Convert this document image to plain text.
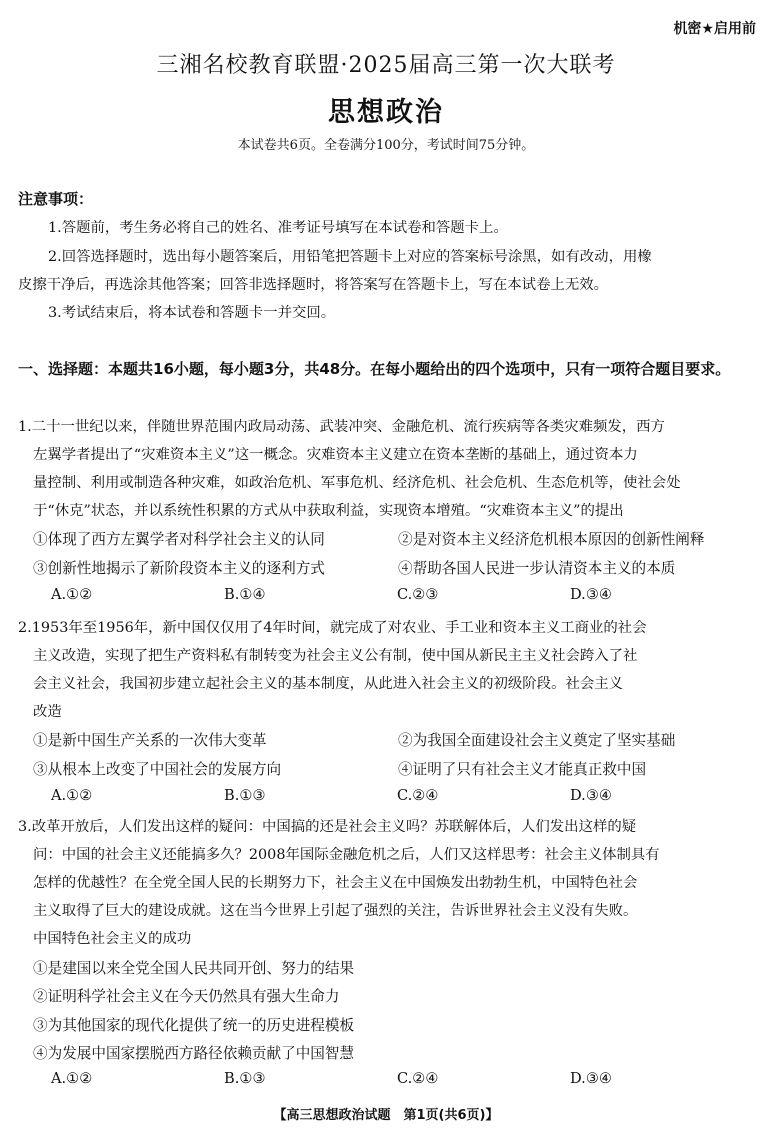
机密★启用前
三湘名校教育联盟·2025届高三第一次大联考
思想政治
本试卷共6页。全卷满分100分，考试时间75分钟。
注意事项：
1.答题前，考生务必将自己的姓名、准考证号填写在本试卷和答题卡上。
2.回答选择题时，选出每小题答案后，用铅笔把答题卡上对应的答案标号涂黑，如有改动，用橡
皮擦干净后，再选涂其他答案；回答非选择题时，将答案写在答题卡上，写在本试卷上无效。
3.考试结束后，将本试卷和答题卡一并交回。
一、选择题：本题共16小题，每小题3分，共48分。在每小题给出的四个选项中，只有一项符合题目要求。
1.二十一世纪以来，伴随世界范围内政局动荡、武装冲突、金融危机、流行疾病等各类灾难频发，西方
左翼学者提出了“灾难资本主义”这一概念。灾难资本主义建立在资本垄断的基础上，通过资本力
量控制、利用或制造各种灾难，如政治危机、军事危机、经济危机、社会危机、生态危机等，使社会处
于“休克”状态，并以系统性积累的方式从中获取利益，实现资本增殖。“灾难资本主义”的提出
①体现了西方左翼学者对科学社会主义的认同	②是对资本主义经济危机根本原因的创新性阐释
③创新性地揭示了新阶段资本主义的逐利方式	④帮助各国人民进一步认清资本主义的本质
A.①②	B.①④	C.②③	D.③④
2.1953年至1956年，新中国仅仅用了4年时间，就完成了对农业、手工业和资本主义工商业的社会
主义改造，实现了把生产资料私有制转变为社会主义公有制，使中国从新民主主义社会跨入了社
会主义社会，我国初步建立起社会主义的基本制度，从此进入社会主义的初级阶段。社会主义
改造
①是新中国生产关系的一次伟大变革	②为我国全面建设社会主义奠定了坚实基础
③从根本上改变了中国社会的发展方向	④证明了只有社会主义才能真正救中国
A.①②	B.①③	C.②④	D.③④
3.改革开放后，人们发出这样的疑问：中国搞的还是社会主义吗？苏联解体后，人们发出这样的疑
问：中国的社会主义还能搞多久？2008年国际金融危机之后，人们又这样思考：社会主义体制具有
怎样的优越性？在全党全国人民的长期努力下，社会主义在中国焕发出勃勃生机，中国特色社会
主义取得了巨大的建设成就。这在当今世界上引起了强烈的关注，告诉世界社会主义没有失败。
中国特色社会主义的成功
①是建国以来全党全国人民共同开创、努力的结果
②证明科学社会主义在今天仍然具有强大生命力
③为其他国家的现代化提供了统一的历史进程模板
④为发展中国家摆脱西方路径依赖贡献了中国智慧
A.①②	B.①③	C.②④	D.③④
【高三思想政治试题　第1页(共6页)】
